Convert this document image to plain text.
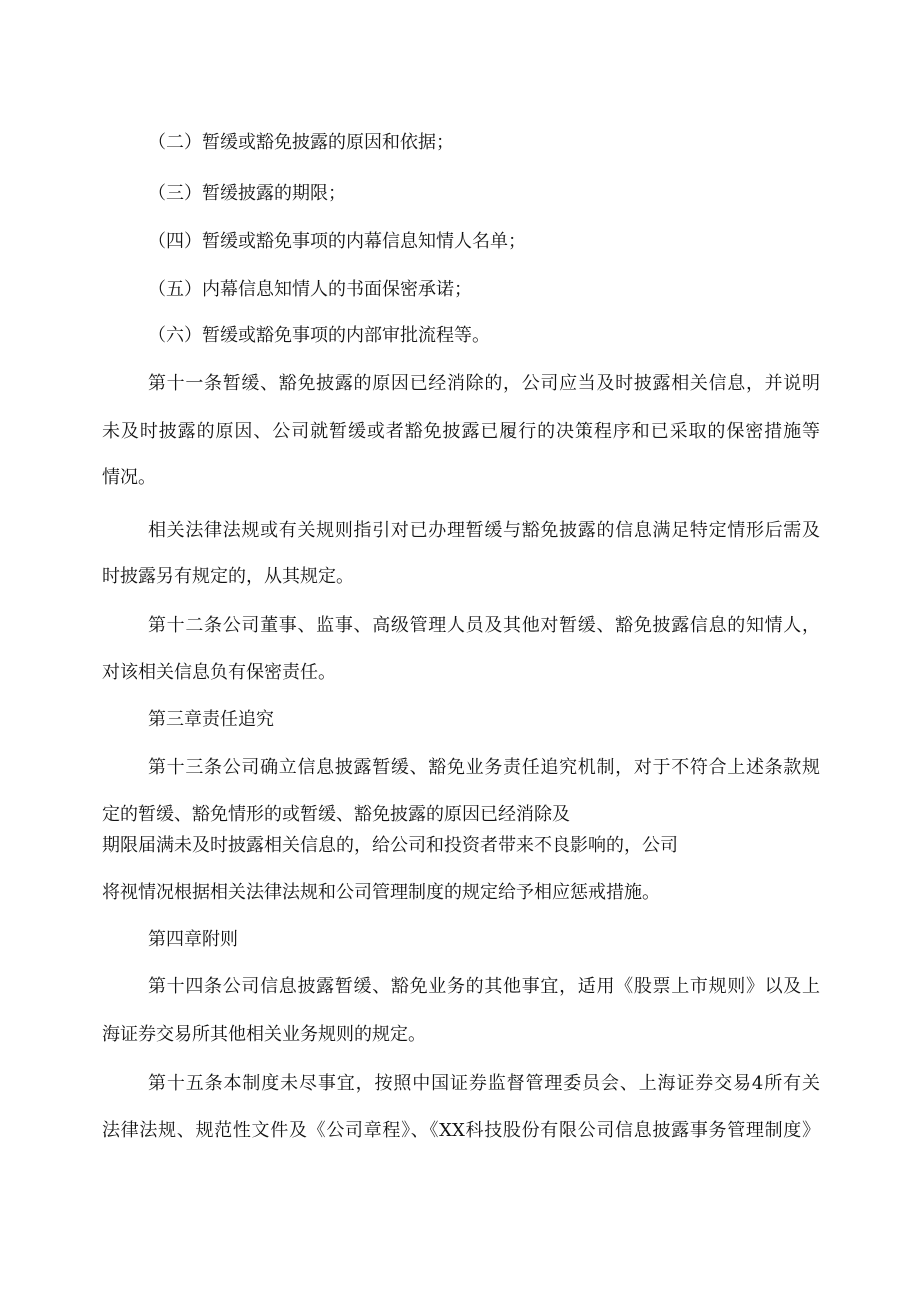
（二）暂缓或豁免披露的原因和依据；
（三）暂缓披露的期限；
（四）暂缓或豁免事项的内幕信息知情人名单；
（五）内幕信息知情人的书面保密承诺；
（六）暂缓或豁免事项的内部审批流程等。
第十一条暂缓、豁免披露的原因已经消除的，公司应当及时披露相关信息，并说明
未及时披露的原因、公司就暂缓或者豁免披露已履行的决策程序和已采取的保密措施等
情况。
相关法律法规或有关规则指引对已办理暂缓与豁免披露的信息满足特定情形后需及
时披露另有规定的，从其规定。
第十二条公司董事、监事、高级管理人员及其他对暂缓、豁免披露信息的知情人，
对该相关信息负有保密责任。
第三章责任追究
第十三条公司确立信息披露暂缓、豁免业务责任追究机制，对于不符合上述条款规
定的暂缓、豁免情形的或暂缓、豁免披露的原因已经消除及
期限届满未及时披露相关信息的，给公司和投资者带来不良影响的，公司
将视情况根据相关法律法规和公司管理制度的规定给予相应惩戒措施。
第四章附则
第十四条公司信息披露暂缓、豁免业务的其他事宜，适用《股票上市规则》以及上
海证券交易所其他相关业务规则的规定。
第十五条本制度未尽事宜，按照中国证券监督管理委员会、上海证券交易4所有关
法律法规、规范性文件及《公司章程》、《XX科技股份有限公司信息披露事务管理制度》
